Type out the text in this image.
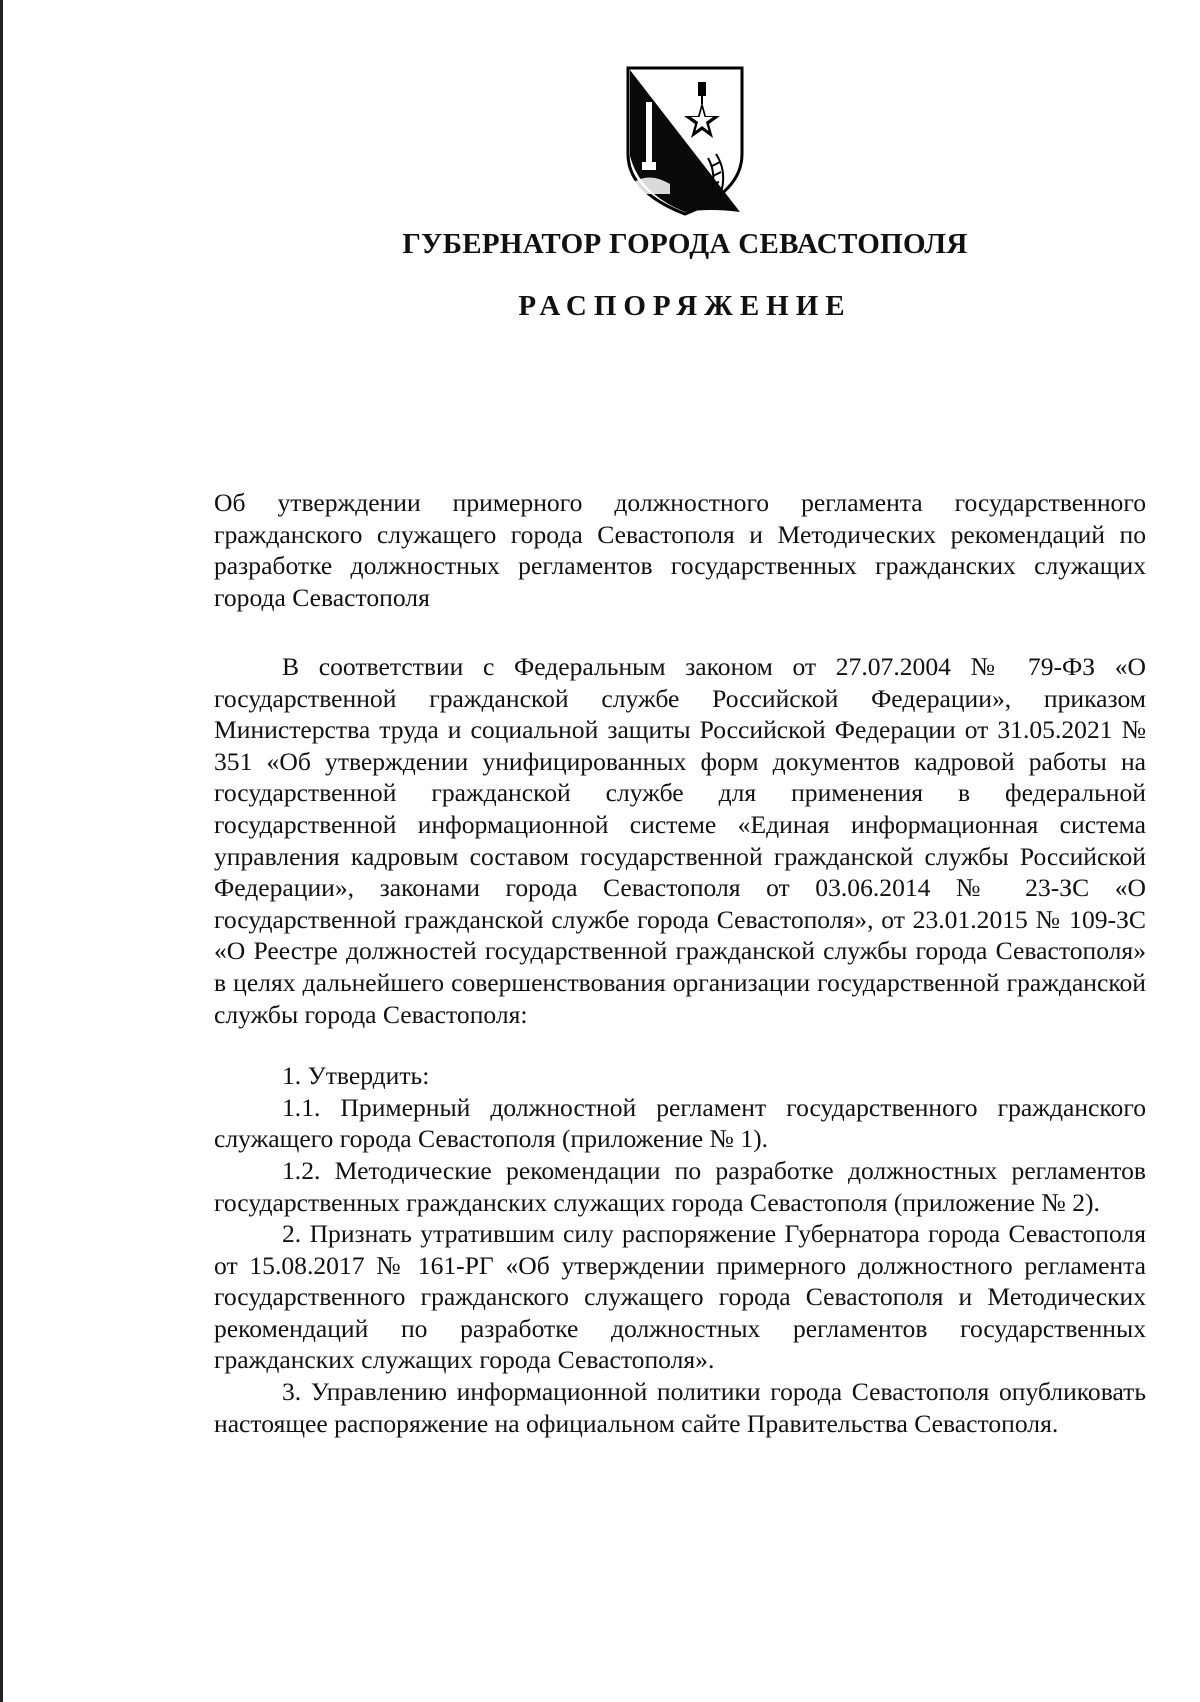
ГУБЕРНАТОР ГОРОДА СЕВАСТОПОЛЯ
РАСПОРЯЖЕНИЕ
Об утверждении примерного должностного регламента государственного гражданского служащего города Севастополя и Методических рекомендаций по разработке должностных регламентов государственных гражданских служащих города Севастополя

В соответствии с Федеральным законом от 27.07.2004 № 79-ФЗ «О государственной гражданской службе Российской Федерации», приказом Министерства труда и социальной защиты Российской Федерации от 31.05.2021 № 351 «Об утверждении унифицированных форм документов кадровой работы на государственной гражданской службе для применения в федеральной государственной информационной системе «Единая информационная система управления кадровым составом государственной гражданской службы Российской Федерации», законами города Севастополя от 03.06.2014 № 23-ЗС «О государственной гражданской службе города Севастополя», от 23.01.2015 № 109-ЗС «О Реестре должностей государственной гражданской службы города Севастополя» в целях дальнейшего совершенствования организации государственной гражданской службы города Севастополя:

1. Утвердить:

1.1. Примерный должностной регламент государственного гражданского служащего города Севастополя (приложение № 1).

1.2. Методические рекомендации по разработке должностных регламентов государственных гражданских служащих города Севастополя (приложение № 2).

2. Признать утратившим силу распоряжение Губернатора города Севастополя от 15.08.2017 № 161-РГ «Об утверждении примерного должностного регламента государственного гражданского служащего города Севастополя и Методических рекомендаций по разработке должностных регламентов государственных гражданских служащих города Севастополя».

3. Управлению информационной политики города Севастополя опубликовать настоящее распоряжение на официальном сайте Правительства Севастополя.
